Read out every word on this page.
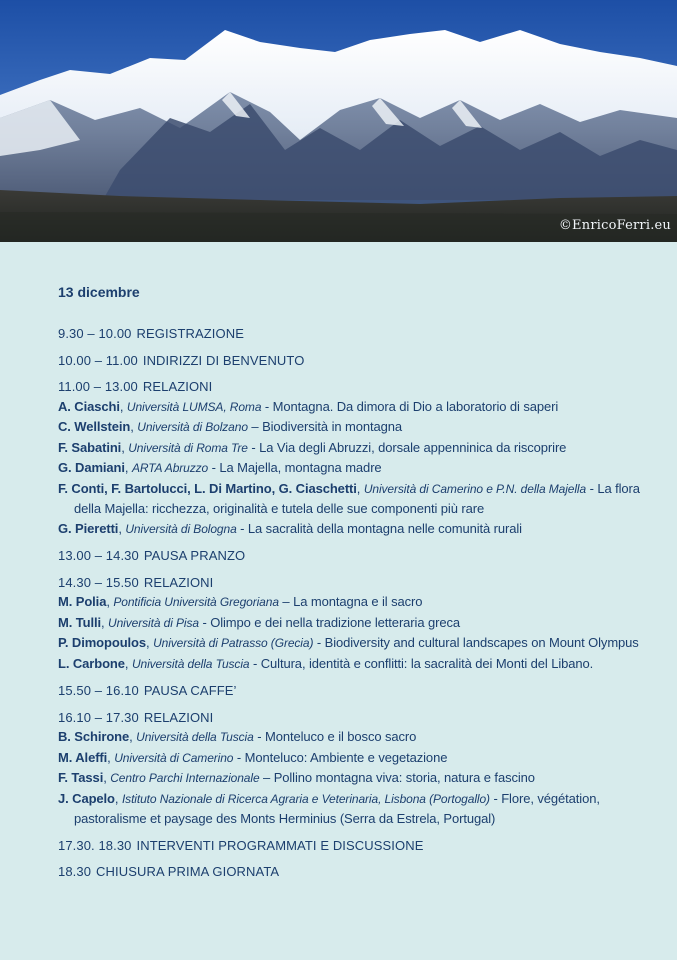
©EnricoFerri.eu
13 dicembre
9.30 – 10.00 REGISTRAZIONE
10.00 – 11.00 INDIRIZZI DI BENVENUTO
11.00 – 13.00 RELAZIONI
A. Ciaschi, Università LUMSA, Roma - Montagna. Da dimora di Dio a laboratorio di saperi
C. Wellstein, Università di Bolzano – Biodiversità in montagna
F. Sabatini, Università di Roma Tre - La Via degli Abruzzi, dorsale appenninica da riscoprire
G. Damiani, ARTA Abruzzo - La Majella, montagna madre
F. Conti, F. Bartolucci, L. Di Martino, G. Ciaschetti, Università di Camerino e P.N. della Majella - La flora della Majella: ricchezza, originalità e tutela delle sue componenti più rare
G. Pieretti, Università di Bologna - La sacralità della montagna nelle comunità rurali
13.00 – 14.30 PAUSA PRANZO
14.30 – 15.50 RELAZIONI
M. Polia, Pontificia Università Gregoriana – La montagna e il sacro
M. Tulli, Università di Pisa - Olimpo e dei nella tradizione letteraria greca
P. Dimopoulos, Università di Patrasso (Grecia) - Biodiversity and cultural landscapes on Mount Olympus
L. Carbone, Università della Tuscia - Cultura, identità e conflitti: la sacralità dei Monti del Libano.
15.50 – 16.10 PAUSA CAFFE’
16.10 – 17.30 RELAZIONI
B. Schirone, Università della Tuscia - Monteluco e il bosco sacro
M. Aleffi, Università di Camerino - Monteluco: Ambiente e vegetazione
F. Tassi, Centro Parchi Internazionale – Pollino montagna viva: storia, natura e fascino
J. Capelo, Istituto Nazionale di Ricerca Agraria e Veterinaria, Lisbona (Portogallo) - Flore, végétation, pastoralisme et paysage des Monts Herminius (Serra da Estrela, Portugal)
17.30. 18.30 INTERVENTI PROGRAMMATI E DISCUSSIONE
18.30 CHIUSURA PRIMA GIORNATA
